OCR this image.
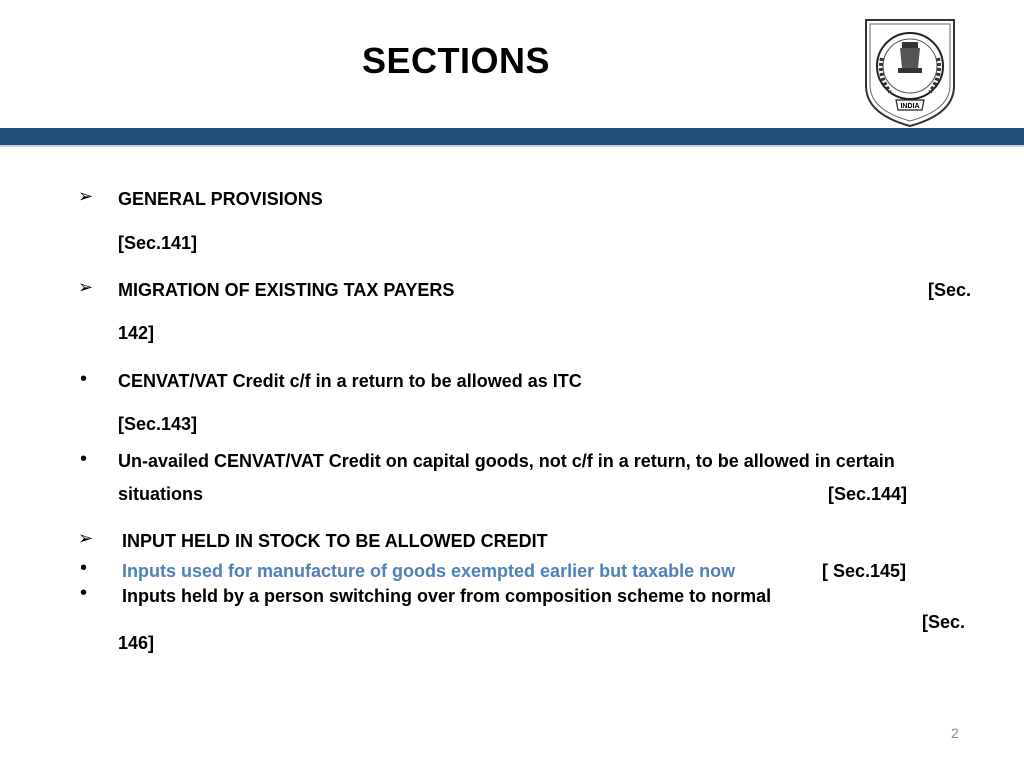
SECTIONS
INDIA
➢ GENERAL PROVISIONS
[Sec.141]
➢ MIGRATION OF EXISTING TAX PAYERS	[Sec.
142]
• CENVAT/VAT Credit c/f in a return to be allowed as ITC
[Sec.143]
• Un-availed CENVAT/VAT Credit on capital goods, not c/f in a return, to be allowed in certain
situations	[Sec.144]
➢ INPUT HELD IN STOCK TO BE ALLOWED CREDIT
• Inputs used for manufacture of goods exempted earlier but taxable now	[ Sec.145]
• Inputs held by a person switching over from composition scheme to normal
[Sec.
146]
2
